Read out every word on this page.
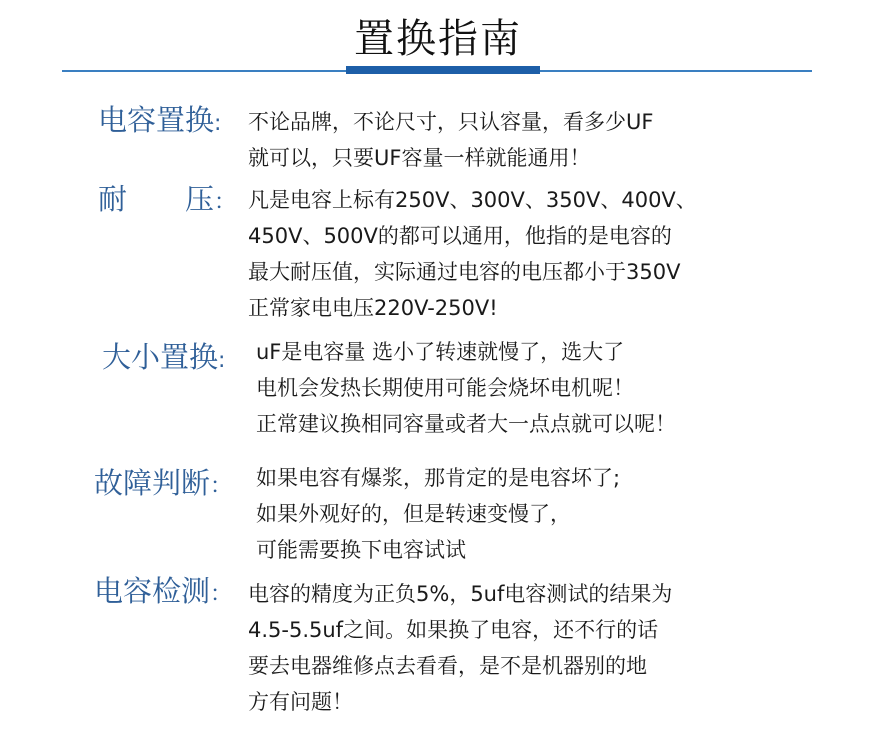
置换指南
电容置换: 不论品牌，不论尺寸，只认容量，看多少UF
就可以，只要UF容量一样就能通用！
耐　　压： 凡是电容上标有250V、300V、350V、400V、
450V、500V的都可以通用，他指的是电容的
最大耐压值，实际通过电容的电压都小于350V
正常家电电压220V-250V!
大小置换: uF是电容量 选小了转速就慢了，选大了
电机会发热长期使用可能会烧坏电机呢！
正常建议换相同容量或者大一点点就可以呢！
故障判断： 如果电容有爆浆，那肯定的是电容坏了;
如果外观好的，但是转速变慢了，
可能需要换下电容试试
电容检测： 电容的精度为正负5%，5uf电容测试的结果为
4.5-5.5uf之间。如果换了电容，还不行的话
要去电器维修点去看看，是不是机器别的地
方有问题！
